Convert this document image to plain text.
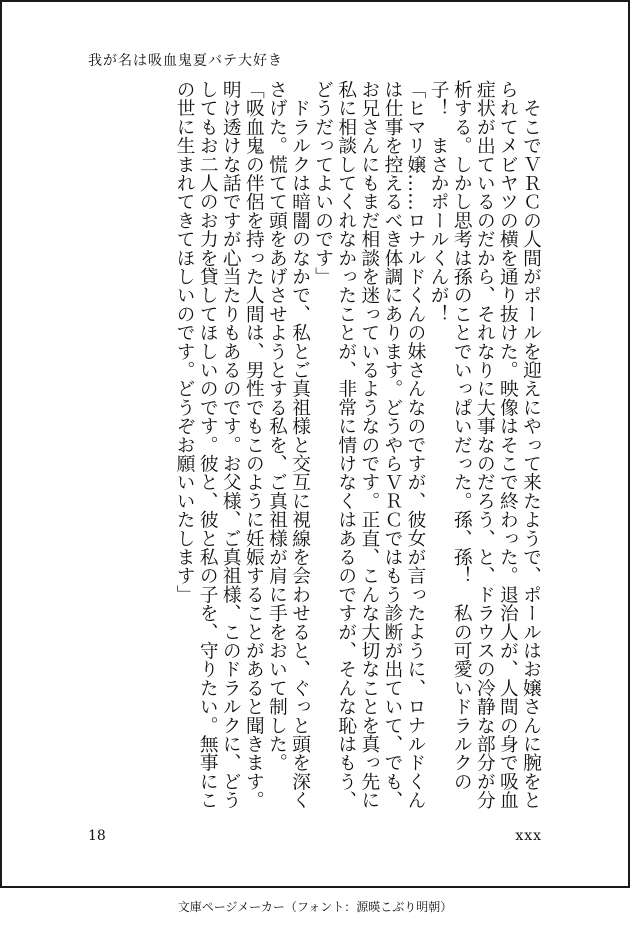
我が名は吸血鬼夏バテ大好き

　そこでＶＲＣの人間がポールを迎えにやって来たようで、ポールはお嬢さんに腕をと

られてメビヤツの横を通り抜けた。映像はそこで終わった。退治人が、人間の身で吸血

症状が出ているのだから、それなりに大事なのだろう、と、ドラウスの冷静な部分が分

析する。しかし思考は孫のことでいっぱいだった。孫、孫！　私の可愛いドラルクの

子！　まさかポールくんが！

「ヒマリ嬢……ロナルドくんの妹さんなのですが、彼女が言ったように、ロナルドくん

は仕事を控えるべき体調にあります。どうやらＶＲＣではもう診断が出ていて、でも、

お兄さんにもまだ相談を迷っているようなのです。正直、こんな大切なことを真っ先に

私に相談してくれなかったことが、非常に情けなくはあるのですが、そんな恥はもう、

どうだってよいのです」

　ドラルクは暗闇のなかで、私とご真祖様と交互に視線を会わせると、ぐっと頭を深く

さげた。慌てて頭をあげさせようとする私を、ご真祖様が肩に手をおいて制した。

「吸血鬼の伴侶を持った人間は、男性でもこのように妊娠することがあると聞きます。

明け透けな話ですが心当たりもあるのです。お父様、ご真祖様、このドラルクに、どう

してもお二人のお力を貸してほしいのです。彼と、彼と私の子を、守りたい。無事にこ

の世に生まれてきてほしいのです。どうぞお願いいたします」

18	xxx
文庫ページメーカー（フォント：源暎こぶり明朝）
